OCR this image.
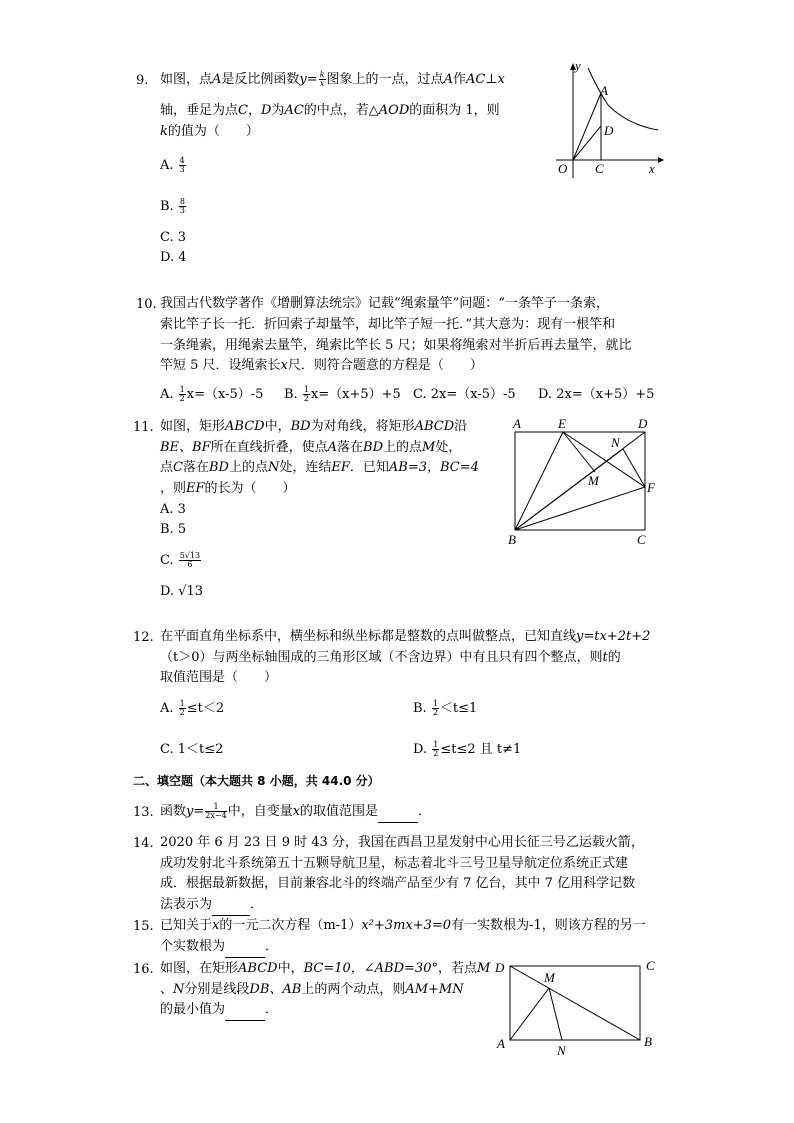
9. 如图，点A是反比例函数$y= \frac{k}{x}$ 图象上的一点，过点A作AC⊥x
轴，垂足为点C，D为AC的中点，若△AOD的面积为 1，则
k的值为（　　）
A. $\frac{4}{3}$
B. $\frac{8}{3}$
C. 3
D. 4
y
A
D
O C	x
10. 我国古代数学著作《增删算法统宗》记载“绳索量竿”问题：“一条竿子一条索，
索比竿子长一托．折回索子却量竿，却比竿子短一托．”其大意为：现有一根竿和
一条绳索，用绳索去量竿，绳索比竿长 5 尺；如果将绳索对半折后再去量竿，就比
竿短 5 尺．设绳索长x尺．则符合题意的方程是（　　）
A. $\frac{1}{2} x=(x-5)-5$ B. $\frac{1}{2} x=(x+5)+5$ C. 2x=（x-5）-5 D. 2x=（x+5）+5
11. 如图，矩形ABCD中，BD为对角线，将矩形ABCD沿
BE、BF所在直线折叠，使点A落在BD上的点M处，
点C落在BD上的点N处，连结EF．已知AB=3，BC=4
，则EF的长为（　　）
A. 3
B. 5
C. $\frac{5√13}{6}$
D. √13
A	E	D
N
M	F
B	C
12. 在平面直角坐标系中，横坐标和纵坐标都是整数的点叫做整点，已知直线y=tx+2t+2
（t＞0）与两坐标轴围成的三角形区域（不含边界）中有且只有四个整点，则t的
取值范围是（　　）
A. $\frac{1}{2} \le t<2$	B. $\frac{1}{2} <t\le 1$
C. 1＜t≤2	D. $\frac{1}{2} \le t\le 2$ 且 t≠1
二、填空题（本大题共 8 小题，共 44.0 分）
13. 函数$y= \frac{1}{2x-4}$ 中，自变量x的取值范围是	．
14. 2020 年 6 月 23 日 9 时 43 分，我国在西昌卫星发射中心用长征三号乙运载火箭，
成功发射北斗系统第五十五颗导航卫星，标志着北斗三号卫星导航定位系统正式建
成．根据最新数据，目前兼容北斗的终端产品至少有 7 亿台，其中 7 亿用科学记数
法表示为	．
15. 已知关于x的一元二次方程（m-1）x²+3mx+3=0有一实数根为-1，则该方程的另一
个实数根为	．
16. 如图，在矩形ABCD中，BC=10，∠ABD=30°，若点M
、N分别是线段DB、AB上的两个动点，则AM+MN
的最小值为	．
D	C
M
A	N
B
